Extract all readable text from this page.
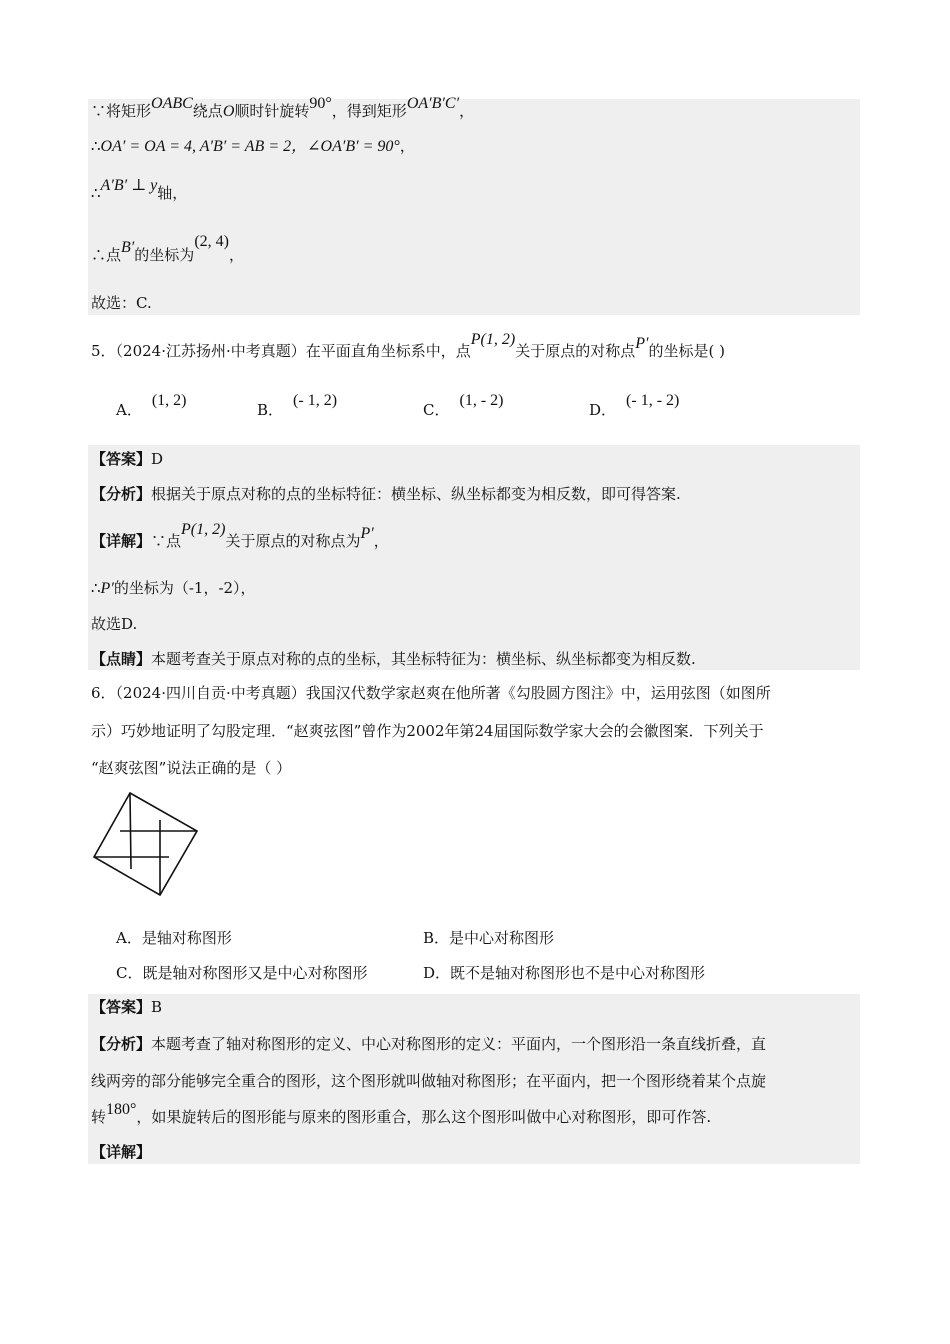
∵将矩形OABC绕点O顺时针旋转90°，得到矩形OA′B′C′，
∴OA′ = OA = 4, A′B′ = AB = 2，∠OA′B′ = 90°，
∴A′B′ ⊥ y轴，
∴点B′的坐标为(2, 4)，
故选：C.
5．（2024·江苏扬州·中考真题）在平面直角坐标系中，点P(1, 2)关于原点的对称点P′的坐标是( )
A．(1, 2)
B．(- 1, 2)
C．(1, - 2)
D．(- 1, - 2)
【答案】D
【分析】根据关于原点对称的点的坐标特征：横坐标、纵坐标都变为相反数，即可得答案.
【详解】∵点P(1, 2)关于原点的对称点为P′，
∴P′的坐标为（-1，-2），
故选D.
【点睛】本题考查关于原点对称的点的坐标，其坐标特征为：横坐标、纵坐标都变为相反数.
6．（2024·四川自贡·中考真题）我国汉代数学家赵爽在他所著《勾股圆方图注》中，运用弦图（如图所
示）巧妙地证明了勾股定理．“赵爽弦图”曾作为2002年第24届国际数学家大会的会徽图案．下列关于
“赵爽弦图”说法正确的是（ ）
A．是轴对称图形	B．是中心对称图形
C．既是轴对称图形又是中心对称图形	D．既不是轴对称图形也不是中心对称图形
【答案】B
【分析】本题考查了轴对称图形的定义、中心对称图形的定义：平面内，一个图形沿一条直线折叠，直
线两旁的部分能够完全重合的图形，这个图形就叫做轴对称图形；在平面内，把一个图形绕着某个点旋
转180°，如果旋转后的图形能与原来的图形重合，那么这个图形叫做中心对称图形，即可作答.
【详解】
